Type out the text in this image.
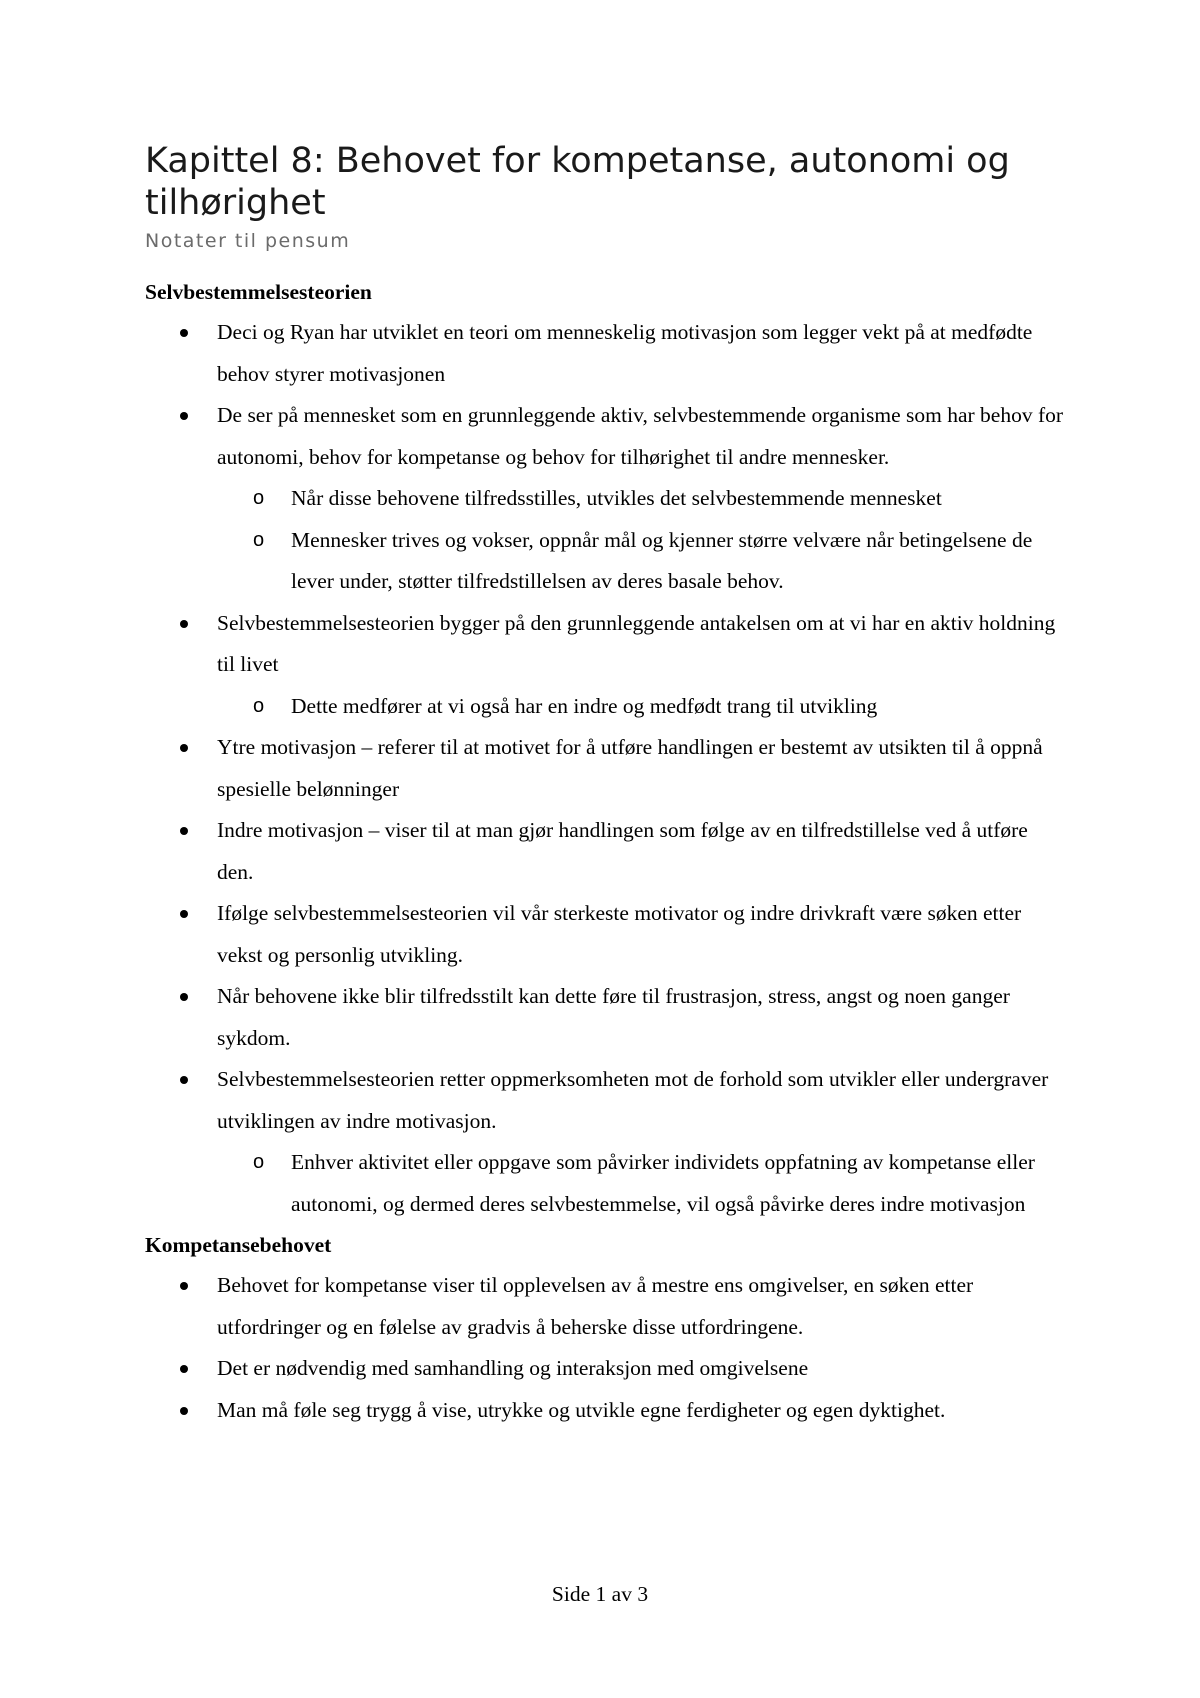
Kapittel 8: Behovet for kompetanse, autonomi og tilhørighet

Notater til pensum

Selvbestemmelsesteorien
Deci og Ryan har utviklet en teori om menneskelig motivasjon som legger vekt på at medfødte behov styrer motivasjonen
De ser på mennesket som en grunnleggende aktiv, selvbestemmende organisme som har behov for autonomi, behov for kompetanse og behov for tilhørighet til andre mennesker.
o Når disse behovene tilfredsstilles, utvikles det selvbestemmende mennesket
o Mennesker trives og vokser, oppnår mål og kjenner større velvære når betingelsene de lever under, støtter tilfredstillelsen av deres basale behov.
Selvbestemmelsesteorien bygger på den grunnleggende antakelsen om at vi har en aktiv holdning til livet
o Dette medfører at vi også har en indre og medfødt trang til utvikling
Ytre motivasjon – referer til at motivet for å utføre handlingen er bestemt av utsikten til å oppnå spesielle belønninger
Indre motivasjon – viser til at man gjør handlingen som følge av en tilfredstillelse ved å utføre den.
Ifølge selvbestemmelsesteorien vil vår sterkeste motivator og indre drivkraft være søken etter vekst og personlig utvikling.
Når behovene ikke blir tilfredsstilt kan dette føre til frustrasjon, stress, angst og noen ganger sykdom.
Selvbestemmelsesteorien retter oppmerksomheten mot de forhold som utvikler eller undergraver utviklingen av indre motivasjon.
o Enhver aktivitet eller oppgave som påvirker individets oppfatning av kompetanse eller autonomi, og dermed deres selvbestemmelse, vil også påvirke deres indre motivasjon
Kompetansebehovet
Behovet for kompetanse viser til opplevelsen av å mestre ens omgivelser, en søken etter utfordringer og en følelse av gradvis å beherske disse utfordringene.
Det er nødvendig med samhandling og interaksjon med omgivelsene
Man må føle seg trygg å vise, utrykke og utvikle egne ferdigheter og egen dyktighet.
Side 1 av 3
